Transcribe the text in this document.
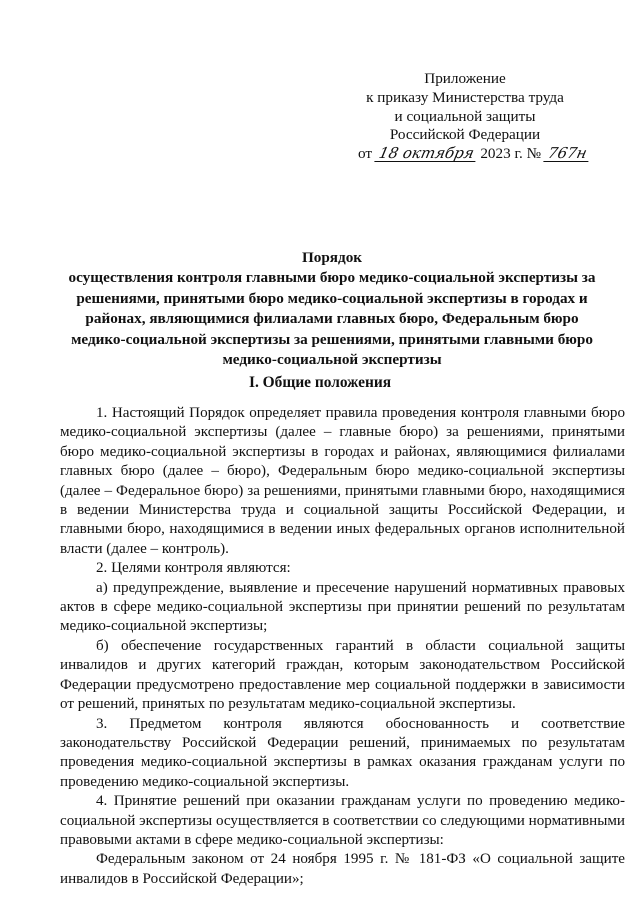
Приложение
к приказу Министерства труда
и социальной защиты
Российской Федерации
от 18 октября 2023 г. № 767н
Порядок
осуществления контроля главными бюро медико-социальной экспертизы за
решениями, принятыми бюро медико-социальной экспертизы в городах и
районах, являющимися филиалами главных бюро, Федеральным бюро
медико-социальной экспертизы за решениями, принятыми главными бюро
медико-социальной экспертизы
I. Общие положения

1. Настоящий Порядок определяет правила проведения контроля главными бюро медико-социальной экспертизы (далее – главные бюро) за решениями, принятыми бюро медико-социальной экспертизы в городах и районах, являющимися филиалами главных бюро (далее – бюро), Федеральным бюро медико-социальной экспертизы (далее – Федеральное бюро) за решениями, принятыми главными бюро, находящимися в ведении Министерства труда и социальной защиты Российской Федерации, и главными бюро, находящимися в ведении иных федеральных органов исполнительной власти (далее – контроль).

2. Целями контроля являются:

а) предупреждение, выявление и пресечение нарушений нормативных правовых актов в сфере медико-социальной экспертизы при принятии решений по результатам медико-социальной экспертизы;

б) обеспечение государственных гарантий в области социальной защиты инвалидов и других категорий граждан, которым законодательством Российской Федерации предусмотрено предоставление мер социальной поддержки в зависимости от решений, принятых по результатам медико-социальной экспертизы.

3. Предметом контроля являются обоснованность и соответствие законодательству Российской Федерации решений, принимаемых по результатам проведения медико-социальной экспертизы в рамках оказания гражданам услуги по проведению медико-социальной экспертизы.

4. Принятие решений при оказании гражданам услуги по проведению медико-социальной экспертизы осуществляется в соответствии со следующими нормативными правовыми актами в сфере медико-социальной экспертизы:

Федеральным законом от 24 ноября 1995 г. № 181-ФЗ «О социальной защите инвалидов в Российской Федерации»;
